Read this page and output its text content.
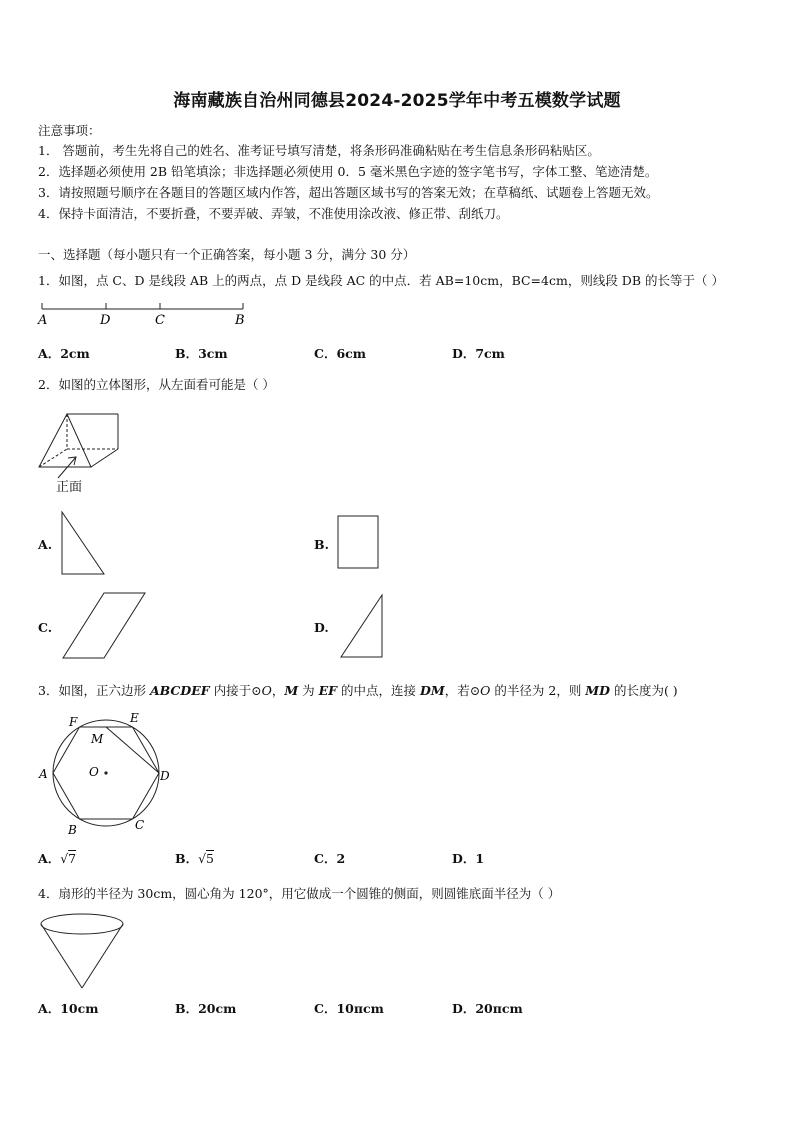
海南藏族自治州同德县2024-2025学年中考五模数学试题
注意事项：
1． 答题前，考生先将自己的姓名、准考证号填写清楚，将条形码准确粘贴在考生信息条形码粘贴区。
2．选择题必须使用 2B 铅笔填涂；非选择题必须使用 0．5 毫米黑色字迹的签字笔书写，字体工整、笔迹清楚。
3．请按照题号顺序在各题目的答题区域内作答，超出答题区域书写的答案无效；在草稿纸、试题卷上答题无效。
4．保持卡面清洁，不要折叠，不要弄破、弄皱，不准使用涂改液、修正带、刮纸刀。
一、选择题（每小题只有一个正确答案，每小题 3 分，满分 30 分）
1．如图，点 C、D 是线段 AB 上的两点，点 D 是线段 AC 的中点．若 AB=10cm，BC=4cm，则线段 DB 的长等于（ ）
A	D	C	B
A．2cm	B．3cm	C．6cm	D．7cm
2．如图的立体图形，从左面看可能是（ ）
正面
A.	B.
C.	D.
3．如图，正六边形 ABCDEF 内接于⊙O，M 为 EF 的中点，连接 DM，若⊙O 的半径为 2，则 MD 的长度为( )
A
B	C
D
E
F
M
O
A．√7	B．√5	C．2	D．1
4．扇形的半径为 30cm，圆心角为 120°，用它做成一个圆锥的侧面，则圆锥底面半径为（ ）
A．10cm	B．20cm	C．10πcm	D．20πcm
